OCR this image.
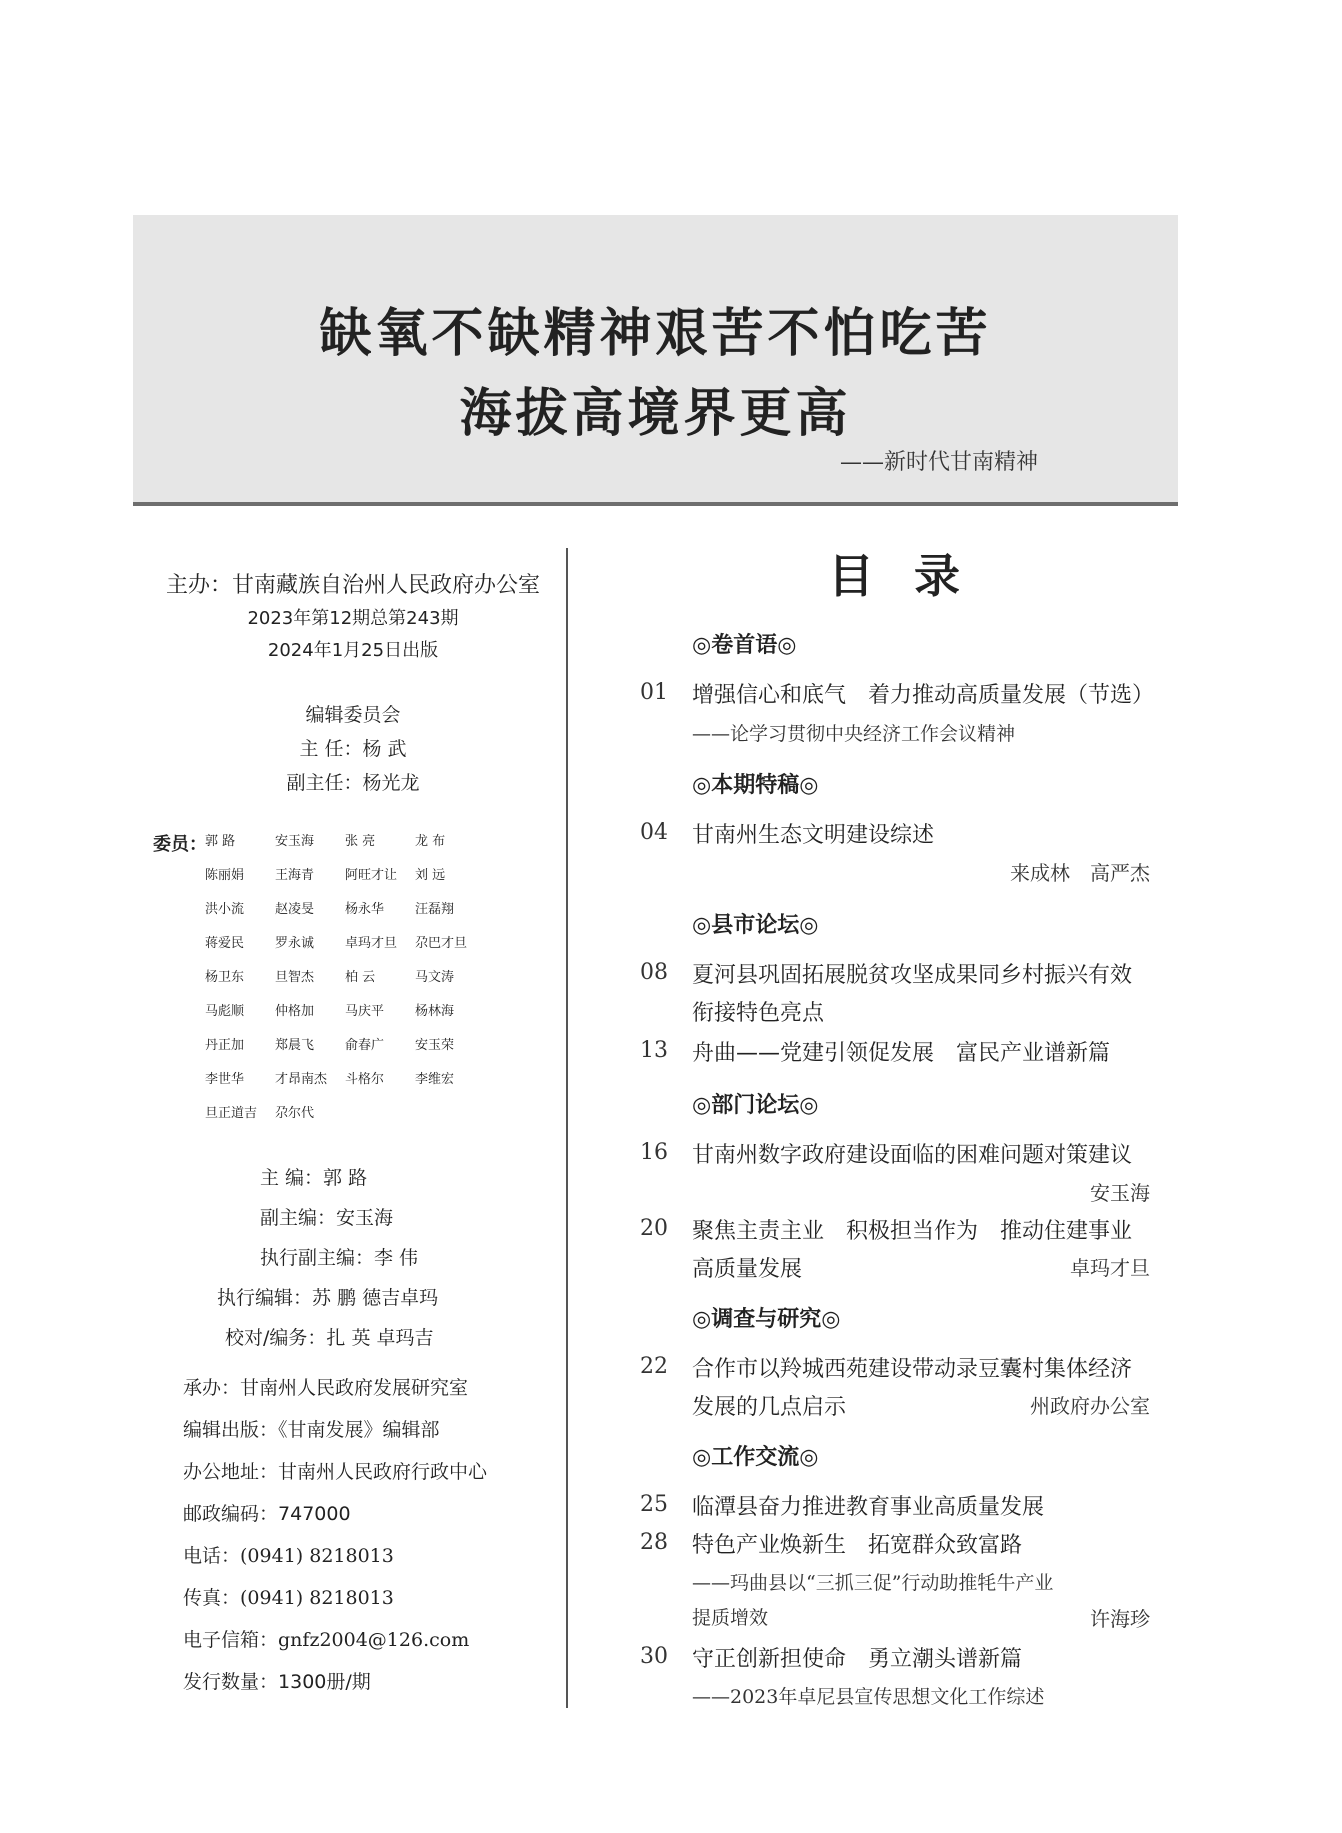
缺氧不缺精神艰苦不怕吃苦
海拔高境界更高
——新时代甘南精神
主办：甘南藏族自治州人民政府办公室
2023年第12期总第243期
2024年1月25日出版
编辑委员会
主 任：杨 武
副主任：杨光龙
委员：
郭 路	安玉海	张 亮	龙 布
陈丽娟	王海青	阿旺才让	刘 远
洪小流	赵凌旻	杨永华	汪磊翔
蒋爱民	罗永诚	卓玛才旦	尕巴才旦
杨卫东	旦智杰	柏 云	马文涛
马彪顺	仲格加	马庆平	杨林海
丹正加	郑晨飞	俞春广	安玉荣
李世华	才昂南杰	斗格尔	李维宏
旦正道吉	尕尔代
主 编：郭 路
副主编：安玉海
执行副主编：李 伟
执行编辑：苏 鹏 德吉卓玛
校对/编务：扎 英 卓玛吉
承办：甘南州人民政府发展研究室
编辑出版：《甘南发展》编辑部
办公地址：甘南州人民政府行政中心
邮政编码：747000
电话：(0941) 8218013
传真：(0941) 8218013
电子信箱：gnfz2004@126.com
发行数量：1300册/期
目录
◎卷首语◎
01 增强信心和底气　着力推动高质量发展（节选）
——论学习贯彻中央经济工作会议精神
◎本期特稿◎
04 甘南州生态文明建设综述
来成林　高严杰
◎县市论坛◎
08 夏河县巩固拓展脱贫攻坚成果同乡村振兴有效
衔接特色亮点
13 舟曲——党建引领促发展　富民产业谱新篇
◎部门论坛◎
16 甘南州数字政府建设面临的困难问题对策建议
安玉海
20 聚焦主责主业　积极担当作为　推动住建事业
高质量发展	卓玛才旦
◎调查与研究◎
22 合作市以羚城西苑建设带动录豆囊村集体经济
发展的几点启示	州政府办公室
◎工作交流◎
25 临潭县奋力推进教育事业高质量发展
28 特色产业焕新生　拓宽群众致富路
——玛曲县以“三抓三促”行动助推牦牛产业
提质增效	许海珍
30 守正创新担使命　勇立潮头谱新篇
——2023年卓尼县宣传思想文化工作综述
